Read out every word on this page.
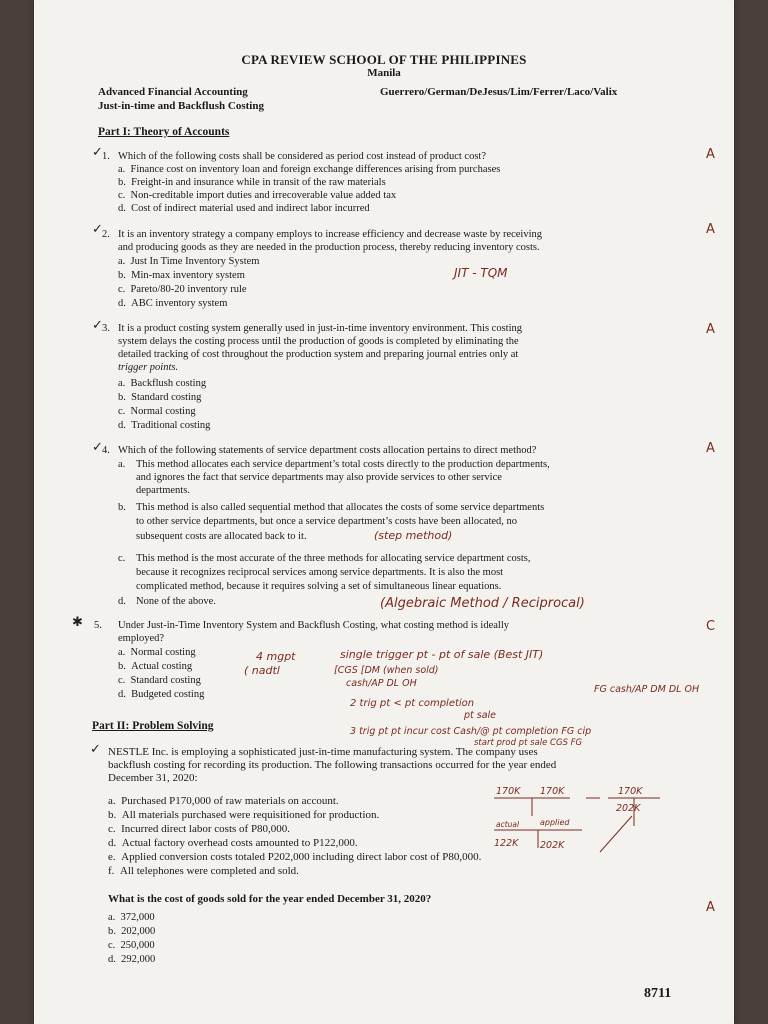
CPA REVIEW SCHOOL OF THE PHILIPPINES
Manila
Advanced Financial Accounting
Just-in-time and Backflush Costing
Guerrero/German/DeJesus/Lim/Ferrer/Laco/Valix
Part I: Theory of Accounts
✓ 1. Which of the following costs shall be considered as period cost instead of product cost?	A
a.  Finance cost on inventory loan and foreign exchange differences arising from purchases
b.  Freight-in and insurance while in transit of the raw materials
c.  Non-creditable import duties and irrecoverable value added tax
d.  Cost of indirect material used and indirect labor incurred
✓ 2. It is an inventory strategy a company employs to increase efficiency and decrease waste by receiving
and producing goods as they are needed in the production process, thereby reducing inventory costs.
A
a.  Just In Time Inventory System
b.  Min-max inventory system
c.  Pareto/80-20 inventory rule
d.  ABC inventory system
JIT - TQM
✓ 3. It is a product costing system generally used in just-in-time inventory environment. This costing
system delays the costing process until the production of goods is completed by eliminating the
detailed tracking of cost throughout the production system and preparing journal entries only at
trigger points.
A
a.  Backflush costing
b.  Standard costing
c.  Normal costing
d.  Traditional costing
✓ 4. Which of the following statements of service department costs allocation pertains to direct method?	A
a. This method allocates each service department’s total costs directly to the production departments,
and ignores the fact that service departments may also provide services to other service
departments.
b. This method is also called sequential method that allocates the costs of some service departments
to other service departments, but once a service department’s costs have been allocated, no
subsequent costs are allocated back to it.	(step method)
c. This method is the most accurate of the three methods for allocating service department costs,
because it recognizes reciprocal services among service departments. It is also the most
complicated method, because it requires solving a set of simultaneous linear equations.
d. None of the above.	(Algebraic Method / Reciprocal)
✱ 5. Under Just-in-Time Inventory System and Backflush Costing, what costing method is ideally
employed?
C
a.  Normal costing
b.  Actual costing
c.  Standard costing
d.  Budgeted costing
4 mgpt
( nadtl
single trigger pt - pt of sale (Best JIT)
[CGS [DM (when sold)
cash/AP DL OH
2 trig pt < pt completion
pt sale
FG cash/AP DM DL OH
3 trig pt pt incur cost Cash/@ pt completion FG cip
start prod pt sale CGS FG
Part II: Problem Solving
✓ NESTLE Inc. is employing a sophisticated just-in-time manufacturing system. The company uses
backflush costing for recording its production. The following transactions occurred for the year ended
December 31, 2020:
a.  Purchased P170,000 of raw materials on account.
b.  All materials purchased were requisitioned for production.
c.  Incurred direct labor costs of P80,000.
d.  Actual factory overhead costs amounted to P122,000.
e.  Applied conversion costs totaled P202,000 including direct labor cost of P80,000.
f.  All telephones were completed and sold.
170K 170K	170K
202K
actual	applied
122K 202K
What is the cost of goods sold for the year ended December 31, 2020?
A
a.  372,000
b.  202,000
c.  250,000
d.  292,000
8711
